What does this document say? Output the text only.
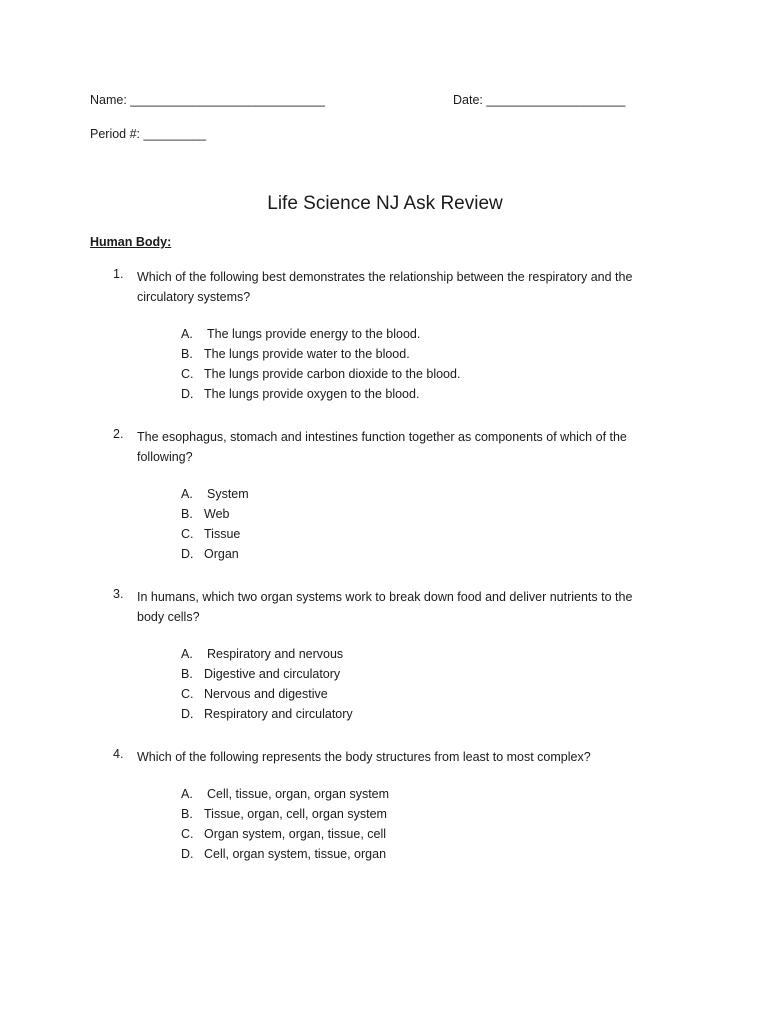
Name: ____________________________	Date: ____________________
Period #: _________
Life Science NJ Ask Review
Human Body:
1. Which of the following best demonstrates the relationship between the respiratory and the circulatory systems?
A. The lungs provide energy to the blood.
B. The lungs provide water to the blood.
C. The lungs provide carbon dioxide to the blood.
D. The lungs provide oxygen to the blood.
2. The esophagus, stomach and intestines function together as components of which of the following?
A. System
B. Web
C. Tissue
D. Organ
3. In humans, which two organ systems work to break down food and deliver nutrients to the body cells?
A. Respiratory and nervous
B. Digestive and circulatory
C. Nervous and digestive
D. Respiratory and circulatory
4. Which of the following represents the body structures from least to most complex?
A. Cell, tissue, organ, organ system
B. Tissue, organ, cell, organ system
C. Organ system, organ, tissue, cell
D. Cell, organ system, tissue, organ
